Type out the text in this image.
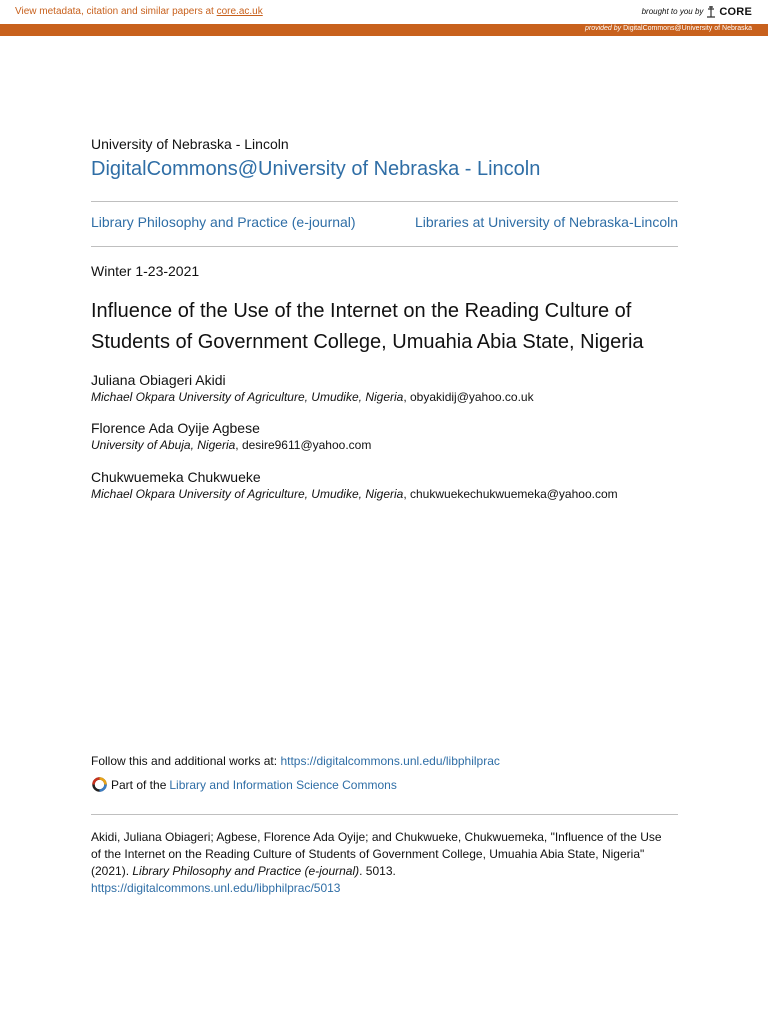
View metadata, citation and similar papers at core.ac.uk	brought to you by CORE
provided by DigitalCommons@University of Nebraska
University of Nebraska - Lincoln
DigitalCommons@University of Nebraska - Lincoln
Library Philosophy and Practice (e-journal)	Libraries at University of Nebraska-Lincoln
Winter 1-23-2021
Influence of the Use of the Internet on the Reading Culture of
Students of Government College, Umuahia Abia State, Nigeria
Juliana Obiageri Akidi
Michael Okpara University of Agriculture, Umudike, Nigeria, obyakidij@yahoo.co.uk
Florence Ada Oyije Agbese
University of Abuja, Nigeria, desire9611@yahoo.com
Chukwuemeka Chukwueke
Michael Okpara University of Agriculture, Umudike, Nigeria, chukwuekechukwuemeka@yahoo.com
Follow this and additional works at: https://digitalcommons.unl.edu/libphilprac
Part of the Library and Information Science Commons
Akidi, Juliana Obiageri; Agbese, Florence Ada Oyije; and Chukwueke, Chukwuemeka, "Influence of the Use
of the Internet on the Reading Culture of Students of Government College, Umuahia Abia State, Nigeria"
(2021). Library Philosophy and Practice (e-journal). 5013.
https://digitalcommons.unl.edu/libphilprac/5013
